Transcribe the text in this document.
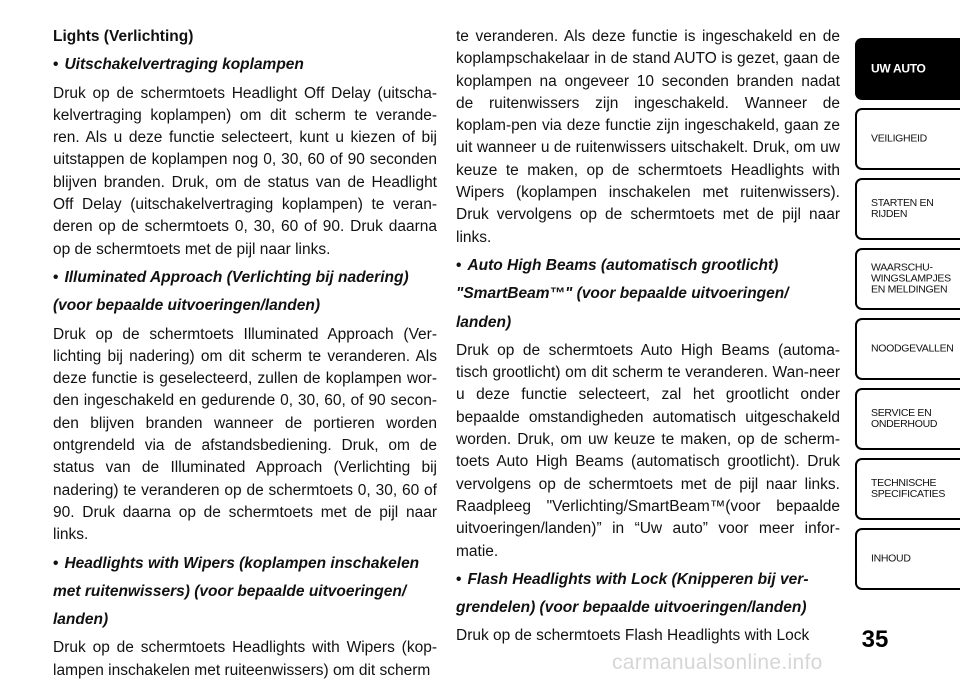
Lights (Verlichting)

• Uitschakelvertraging koplampen

Druk op de schermtoets Headlight Off Delay (uitscha-kelvertraging koplampen) om dit scherm te verande-ren. Als u deze functie selecteert, kunt u kiezen of bij uitstappen de koplampen nog 0, 30, 60 of 90 seconden blijven branden. Druk, om de status van de Headlight Off Delay (uitschakelvertraging koplampen) te veran-deren op de schermtoets 0, 30, 60 of 90. Druk daarna op de schermtoets met de pijl naar links.

• Illuminated Approach (Verlichting bij nadering)

(voor bepaalde uitvoeringen/landen)

Druk op de schermtoets Illuminated Approach (Ver-lichting bij nadering) om dit scherm te veranderen. Als deze functie is geselecteerd, zullen de koplampen wor-den ingeschakeld en gedurende 0, 30, 60, of 90 secon-den blijven branden wanneer de portieren worden ontgrendeld via de afstandsbediening. Druk, om de status van de Illuminated Approach (Verlichting bij nadering) te veranderen op de schermtoets 0, 30, 60 of 90. Druk daarna op de schermtoets met de pijl naar links.

• Headlights with Wipers (koplampen inschakelen

met ruitenwissers) (voor bepaalde uitvoeringen/

landen)

Druk op de schermtoets Headlights with Wipers (kop-lampen inschakelen met ruiteenwissers) om dit scherm

te veranderen. Als deze functie is ingeschakeld en de koplampschakelaar in de stand AUTO is gezet, gaan de koplampen na ongeveer 10 seconden branden nadat de ruitenwissers zijn ingeschakeld. Wanneer de koplam-pen via deze functie zijn ingeschakeld, gaan ze uit wanneer u de ruitenwissers uitschakelt. Druk, om uw keuze te maken, op de schermtoets Headlights with Wipers (koplampen inschakelen met ruitenwissers). Druk vervolgens op de schermtoets met de pijl naar links.

• Auto High Beams (automatisch grootlicht)

"SmartBeam™" (voor bepaalde uitvoeringen/

landen)

Druk op de schermtoets Auto High Beams (automa-tisch grootlicht) om dit scherm te veranderen. Wan-neer u deze functie selecteert, zal het grootlicht onder bepaalde omstandigheden automatisch uitgeschakeld worden. Druk, om uw keuze te maken, op de scherm-toets Auto High Beams (automatisch grootlicht). Druk vervolgens op de schermtoets met de pijl naar links. Raadpleeg "Verlichting/SmartBeam™(voor bepaalde uitvoeringen/landen)” in “Uw auto” voor meer infor-matie.

• Flash Headlights with Lock (Knipperen bij ver-

grendelen) (voor bepaalde uitvoeringen/landen)

Druk op de schermtoets Flash Headlights with Lock

UW AUTO
VEILIGHEID
STARTEN EN
RIJDEN
WAARSCHU-
WINGSLAMPJES
EN MELDINGEN
NOODGEVALLEN
SERVICE EN
ONDERHOUD
TECHNISCHE
SPECIFICATIES
INHOUD
35
carmanualsonline.info
